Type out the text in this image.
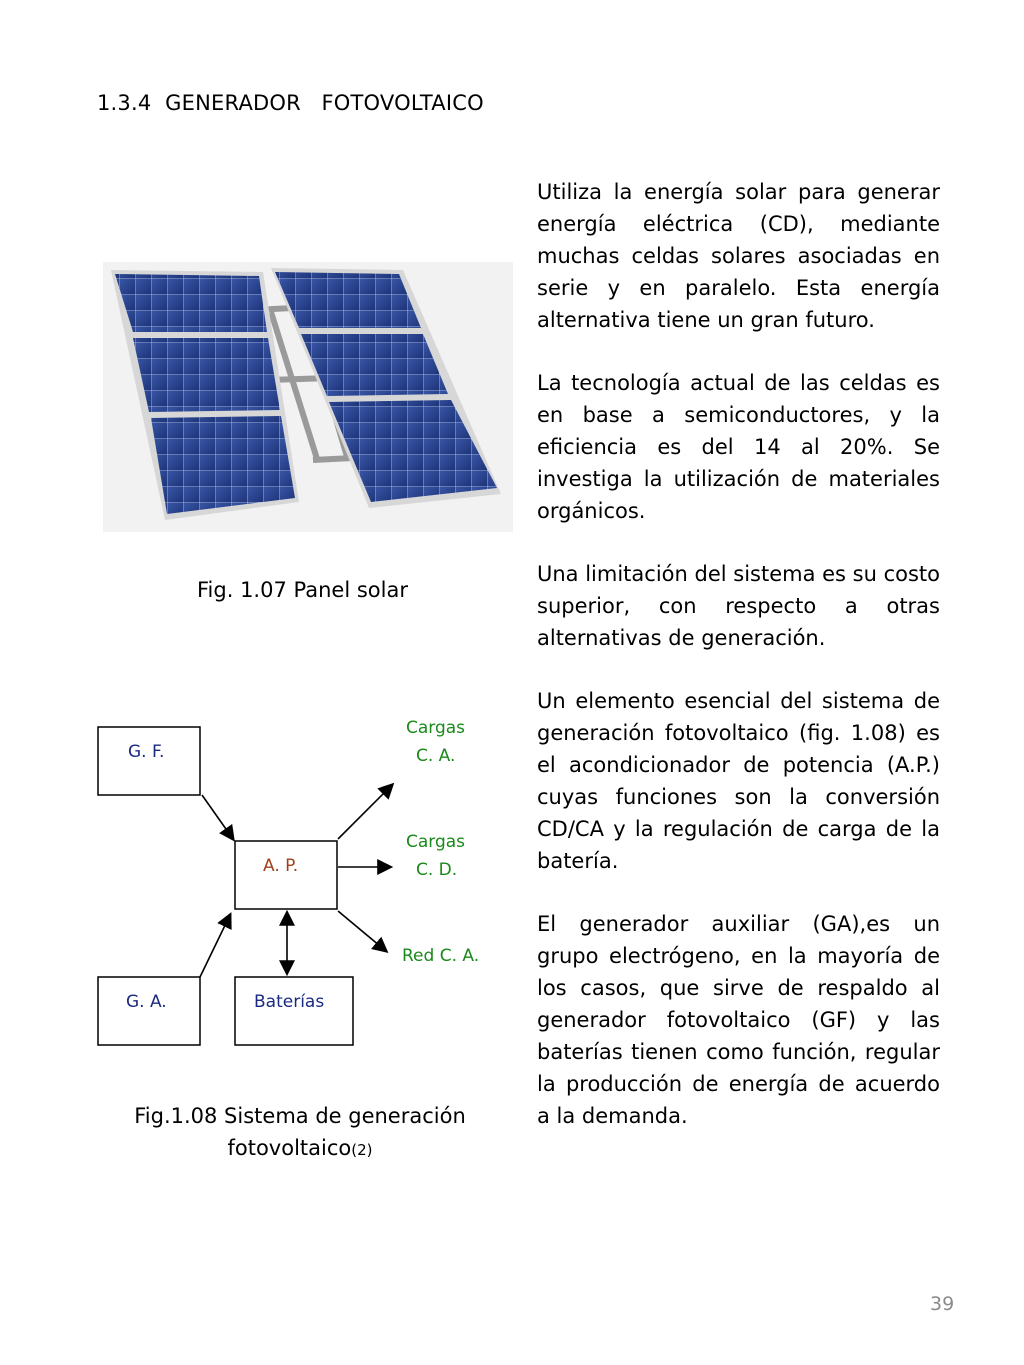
1.3.4  GENERADOR   FOTOVOLTAICO

Utiliza la energía solar para generar energía eléctrica (CD), mediante muchas celdas solares asociadas en serie y en paralelo. Esta energía alternativa tiene un gran futuro.

La tecnología actual de las celdas es en base a semiconductores, y la eficiencia es del 14 al 20%. Se investiga la utilización de materiales orgánicos.

Una limitación del sistema es su costo superior, con respecto a otras alternativas de generación.

Un elemento esencial del sistema de generación fotovoltaico (fig. 1.08) es el acondicionador de potencia (A.P.) cuyas funciones son la conversión CD/CA y la regulación de carga de la batería.

El generador auxiliar (GA),es un grupo electrógeno, en la mayoría de los casos, que sirve de respaldo al generador fotovoltaico (GF) y las baterías tienen como función, regular la producción de energía de acuerdo a la demanda.

Fig. 1.07 Panel solar
G. F.
A. P.
G. A.	Baterías
Cargas
C. A.
Cargas
C. D.
Red C. A.
Fig.1.08 Sistema de generación
fotovoltaico(2)
39
